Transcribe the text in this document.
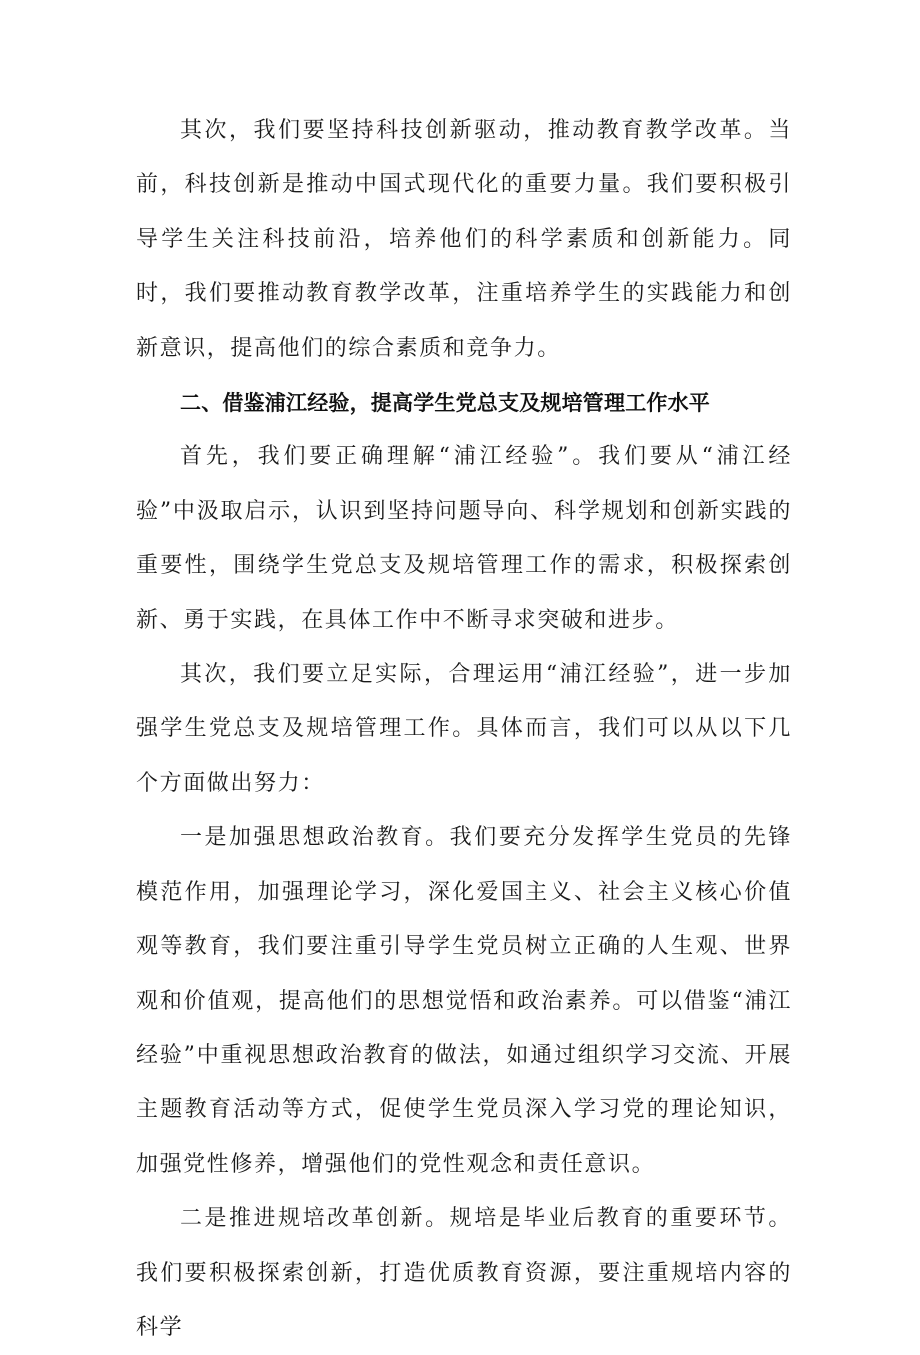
其次，我们要坚持科技创新驱动，推动教育教学改革。当前，科技创新是推动中国式现代化的重要力量。我们要积极引导学生关注科技前沿，培养他们的科学素质和创新能力。同时，我们要推动教育教学改革，注重培养学生的实践能力和创新意识，提高他们的综合素质和竞争力。

二、借鉴浦江经验，提高学生党总支及规培管理工作水平

首先，我们要正确理解“浦江经验”。我们要从“浦江经验”中汲取启示，认识到坚持问题导向、科学规划和创新实践的重要性，围绕学生党总支及规培管理工作的需求，积极探索创新、勇于实践，在具体工作中不断寻求突破和进步。

其次，我们要立足实际，合理运用“浦江经验”，进一步加强学生党总支及规培管理工作。具体而言，我们可以从以下几个方面做出努力：

一是加强思想政治教育。我们要充分发挥学生党员的先锋模范作用，加强理论学习，深化爱国主义、社会主义核心价值观等教育，我们要注重引导学生党员树立正确的人生观、世界观和价值观，提高他们的思想觉悟和政治素养。可以借鉴“浦江经验”中重视思想政治教育的做法，如通过组织学习交流、开展主题教育活动等方式，促使学生党员深入学习党的理论知识，加强党性修养，增强他们的党性观念和责任意识。

二是推进规培改革创新。规培是毕业后教育的重要环节。我们要积极探索创新，打造优质教育资源，要注重规培内容的科学
